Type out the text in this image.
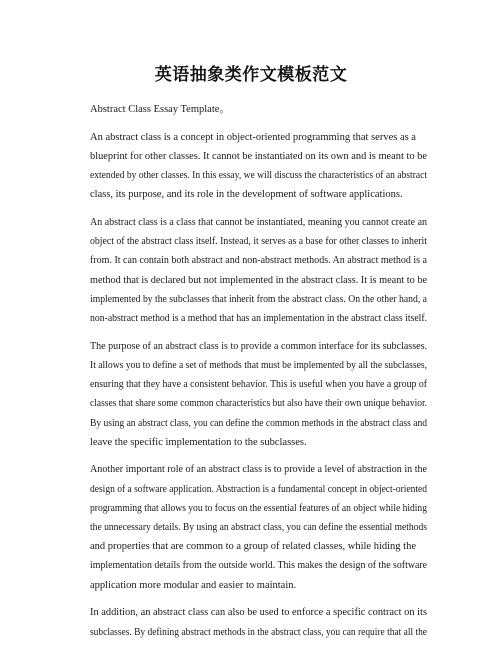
英语抽象类作文模板范文
Abstract Class Essay Template。
An abstract class is a concept in object-oriented programming that serves as a
blueprint for other classes. It cannot be instantiated on its own and is meant to be
extended by other classes. In this essay, we will discuss the characteristics of an abstract
class, its purpose, and its role in the development of software applications.
An abstract class is a class that cannot be instantiated, meaning you cannot create an
object of the abstract class itself. Instead, it serves as a base for other classes to inherit
from. It can contain both abstract and non-abstract methods. An abstract method is a
method that is declared but not implemented in the abstract class. It is meant to be
implemented by the subclasses that inherit from the abstract class. On the other hand, a
non-abstract method is a method that has an implementation in the abstract class itself.
The purpose of an abstract class is to provide a common interface for its subclasses.
It allows you to define a set of methods that must be implemented by all the subclasses,
ensuring that they have a consistent behavior. This is useful when you have a group of
classes that share some common characteristics but also have their own unique behavior.
By using an abstract class, you can define the common methods in the abstract class and
leave the specific implementation to the subclasses.
Another important role of an abstract class is to provide a level of abstraction in the
design of a software application. Abstraction is a fundamental concept in object-oriented
programming that allows you to focus on the essential features of an object while hiding
the unnecessary details. By using an abstract class, you can define the essential methods
and properties that are common to a group of related classes, while hiding the
implementation details from the outside world. This makes the design of the software
application more modular and easier to maintain.
In addition, an abstract class can also be used to enforce a specific contract on its
subclasses. By defining abstract methods in the abstract class, you can require that all the
